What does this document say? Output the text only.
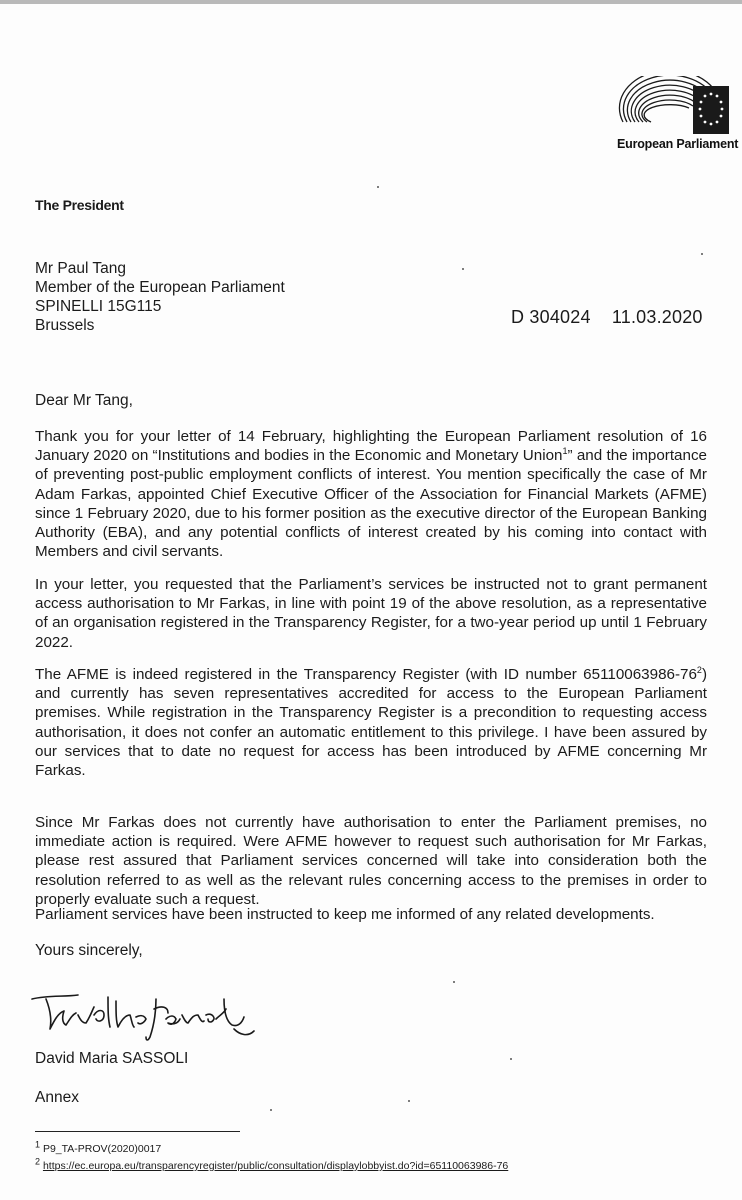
European Parliament
The President
Mr Paul Tang
Member of the European Parliament
SPINELLI 15G115
Brussels	D 304024 11.03.2020
Dear Mr Tang,
Thank you for your letter of 14 February, highlighting the European Parliament resolution of 16 January 2020 on “Institutions and bodies in the Economic and Monetary Union$^1$” and the importance of preventing post-public employment conflicts of interest. You mention specifically the case of Mr Adam Farkas, appointed Chief Executive Officer of the Association for Financial Markets (AFME) since 1 February 2020, due to his former position as the executive director of the European Banking Authority (EBA), and any potential conflicts of interest created by his coming into contact with Members and civil servants.
In your letter, you requested that the Parliament’s services be instructed not to grant permanent access authorisation to Mr Farkas, in line with point 19 of the above resolution, as a representative of an organisation registered in the Transparency Register, for a two-year period up until 1 February 2022.
The AFME is indeed registered in the Transparency Register (with ID number $65110063986-76^2$) and currently has seven representatives accredited for access to the European Parliament premises. While registration in the Transparency Register is a precondition to requesting access authorisation, it does not confer an automatic entitlement to this privilege. I have been assured by our services that to date no request for access has been introduced by AFME concerning Mr Farkas.
Since Mr Farkas does not currently have authorisation to enter the Parliament premises, no immediate action is required. Were AFME however to request such authorisation for Mr Farkas, please rest assured that Parliament services concerned will take into consideration both the resolution referred to as well as the relevant rules concerning access to the premises in order to properly evaluate such a request.
Parliament services have been instructed to keep me informed of any related developments.
Yours sincerely,
David Maria SASSOLI
Annex
$^1$ P9_TA-PROV(2020)0017
$^2$ https://ec.europa.eu/transparencyregister/public/consultation/displaylobbyist.do?id=65110063986-76
